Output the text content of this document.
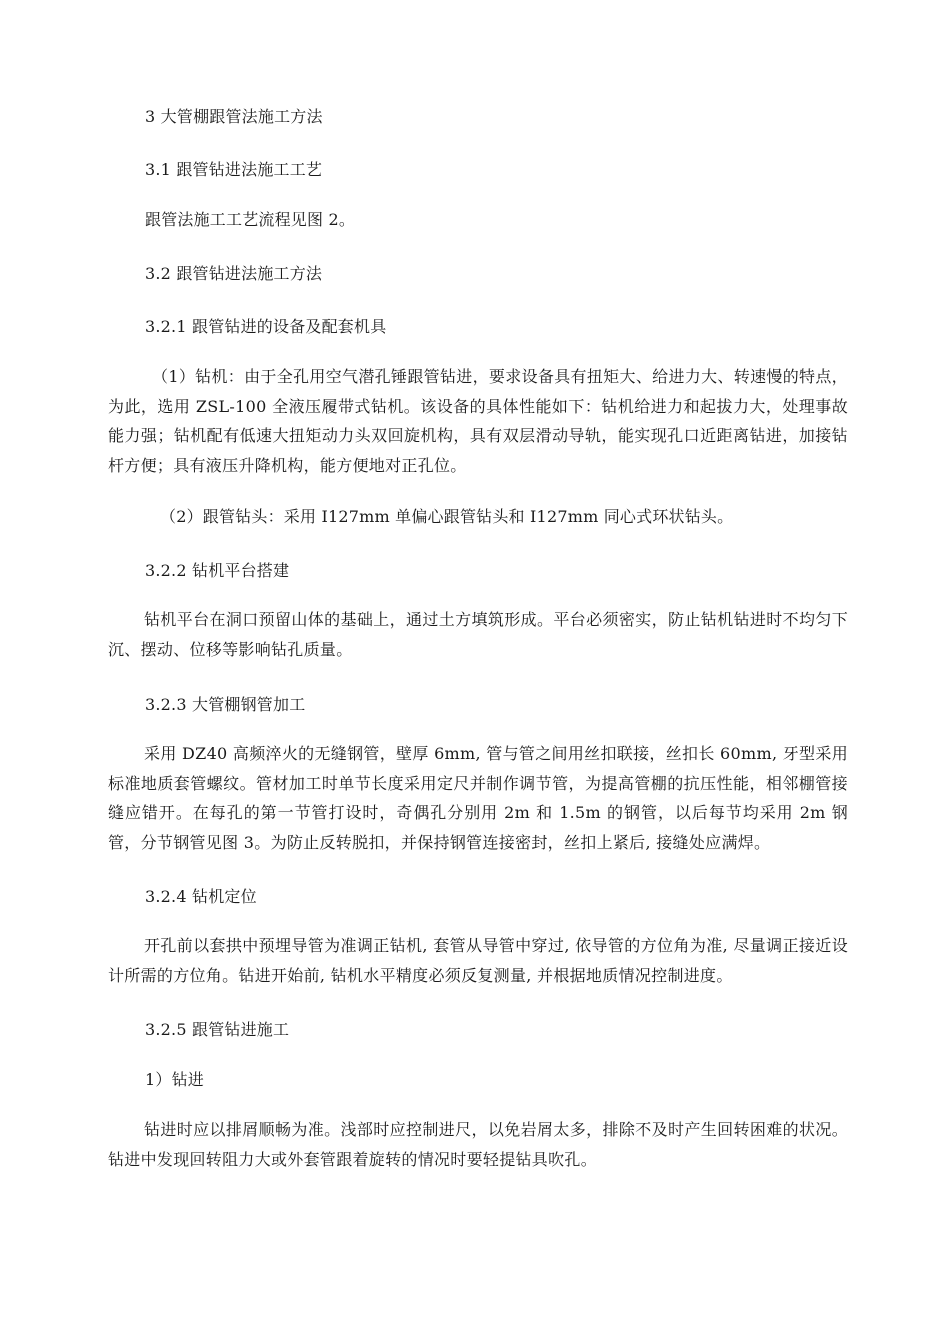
3 大管棚跟管法施工方法
3.1 跟管钻进法施工工艺
跟管法施工工艺流程见图 2。
3.2 跟管钻进法施工方法
3.2.1 跟管钻进的设备及配套机具
（1）钻机：由于全孔用空气潜孔锤跟管钻进，要求设备具有扭矩大、给进力大、转速慢的特点，为此，选用 ZSL-100 全液压履带式钻机。该设备的具体性能如下：钻机给进力和起拔力大，处理事故能力强；钻机配有低速大扭矩动力头双回旋机构，具有双层滑动导轨，能实现孔口近距离钻进，加接钻杆方便；具有液压升降机构，能方便地对正孔位。
（2）跟管钻头：采用 I127mm 单偏心跟管钻头和 I127mm 同心式环状钻头。
3.2.2 钻机平台搭建
钻机平台在洞口预留山体的基础上，通过土方填筑形成。平台必须密实，防止钻机钻进时不均匀下沉、摆动、位移等影响钻孔质量。
3.2.3 大管棚钢管加工
采用 DZ40 高频淬火的无缝钢管，壁厚 6mm, 管与管之间用丝扣联接，丝扣长 60mm, 牙型采用标准地质套管螺纹。管材加工时单节长度采用定尺并制作调节管，为提高管棚的抗压性能，相邻棚管接缝应错开。在每孔的第一节管打设时，奇偶孔分别用 2m 和 1.5m 的钢管，以后每节均采用 2m 钢管，分节钢管见图 3。为防止反转脱扣，并保持钢管连接密封，丝扣上紧后, 接缝处应满焊。
3.2.4 钻机定位
开孔前以套拱中预埋导管为准调正钻机, 套管从导管中穿过, 依导管的方位角为准, 尽量调正接近设计所需的方位角。钻进开始前, 钻机水平精度必须反复测量, 并根据地质情况控制进度。
3.2.5 跟管钻进施工
1）钻进
钻进时应以排屑顺畅为准。浅部时应控制进尺，以免岩屑太多，排除不及时产生回转困难的状况。钻进中发现回转阻力大或外套管跟着旋转的情况时要轻提钻具吹孔。
